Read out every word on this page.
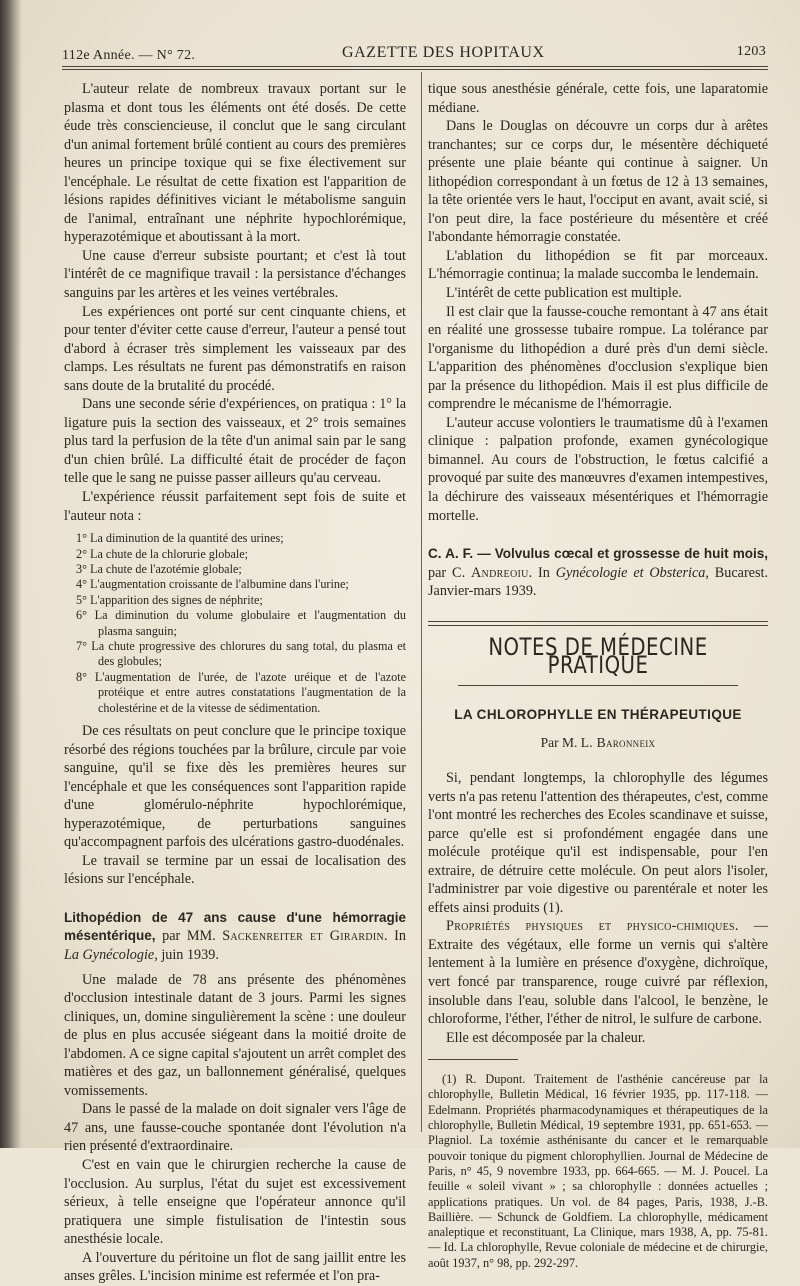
112e Année. — N° 72.	GAZETTE DES HOPITAUX	1203

L'auteur relate de nombreux travaux portant sur le plasma et dont tous les éléments ont été dosés. De cette éude très consciencieuse, il conclut que le sang circulant d'un animal fortement brûlé contient au cours des premières heures un principe toxique qui se fixe électivement sur l'encéphale. Le résultat de cette fixation est l'apparition de lésions rapides définitives viciant le métabolisme sanguin de l'animal, entraînant une néphrite hypochlorémique, hyperazotémique et aboutissant à la mort.

Une cause d'erreur subsiste pourtant; et c'est là tout l'intérêt de ce magnifique travail : la persistance d'échanges sanguins par les artères et les veines vertébrales.

Les expériences ont porté sur cent cinquante chiens, et pour tenter d'éviter cette cause d'erreur, l'auteur a pensé tout d'abord à écraser très simplement les vaisseaux par des clamps. Les résultats ne furent pas démonstratifs en raison sans doute de la brutalité du procédé.

Dans une seconde série d'expériences, on pratiqua : 1° la ligature puis la section des vaisseaux, et 2° trois semaines plus tard la perfusion de la tête d'un animal sain par le sang d'un chien brûlé. La difficulté était de procéder de façon telle que le sang ne puisse passer ailleurs qu'au cerveau.

L'expérience réussit parfaitement sept fois de suite et l'auteur nota :

1° La diminution de la quantité des urines;
2° La chute de la chlorurie globale;
3° La chute de l'azotémie globale;
4° L'augmentation croissante de l'albumine dans l'urine;
5° L'apparition des signes de néphrite;
6° La diminution du volume globulaire et l'augmentation du plasma sanguin;
7° La chute progressive des chlorures du sang total, du plasma et des globules;
8° L'augmentation de l'urée, de l'azote uréique et de l'azote protéique et entre autres constatations l'augmentation de la cholestérine et de la vitesse de sédimentation.

De ces résultats on peut conclure que le principe toxique résorbé des régions touchées par la brûlure, circule par voie sanguine, qu'il se fixe dès les premières heures sur l'encéphale et que les conséquences sont l'apparition rapide d'une glomérulo-néphrite hypochlorémique, hyperazotémique, de perturbations sanguines qu'accompagnent parfois des ulcérations gastro-duodénales.

Le travail se termine par un essai de localisation des lésions sur l'encéphale.

Lithopédion de 47 ans cause d'une hémorragie mésentérique, par MM. Sackenreiter et Girardin. In La Gynécologie, juin 1939.

Une malade de 78 ans présente des phénomènes d'occlusion intestinale datant de 3 jours. Parmi les signes cliniques, un, domine singulièrement la scène : une douleur de plus en plus accusée siégeant dans la moitié droite de l'abdomen. A ce signe capital s'ajoutent un arrêt complet des matières et des gaz, un ballonnement généralisé, quelques vomissements.

Dans le passé de la malade on doit signaler vers l'âge de 47 ans, une fausse-couche spontanée dont l'évolution n'a rien présenté d'extraordinaire.

C'est en vain que le chirurgien recherche la cause de l'occlusion. Au surplus, l'état du sujet est excessivement sérieux, à telle enseigne que l'opérateur annonce qu'il pratiquera une simple fistulisation de l'intestin sous anesthésie locale.

A l'ouverture du péritoine un flot de sang jaillit entre les anses grêles. L'incision minime est refermée et l'on pra-

tique sous anesthésie générale, cette fois, une laparatomie médiane.

Dans le Douglas on découvre un corps dur à arêtes tranchantes; sur ce corps dur, le mésentère déchiqueté présente une plaie béante qui continue à saigner. Un lithopédion correspondant à un fœtus de 12 à 13 semaines, la tête orientée vers le haut, l'occiput en avant, avait scié, si l'on peut dire, la face postérieure du mésentère et créé l'abondante hémorragie constatée.

L'ablation du lithopédion se fit par morceaux. L'hémorragie continua; la malade succomba le lendemain.

L'intérêt de cette publication est multiple.

Il est clair que la fausse-couche remontant à 47 ans était en réalité une grossesse tubaire rompue. La tolérance par l'organisme du lithopédion a duré près d'un demi siècle. L'apparition des phénomènes d'occlusion s'explique bien par la présence du lithopédion. Mais il est plus difficile de comprendre le mécanisme de l'hémorragie.

L'auteur accuse volontiers le traumatisme dû à l'examen clinique : palpation profonde, examen gynécologique bimannel. Au cours de l'obstruction, le fœtus calcifié a provoqué par suite des manœuvres d'examen intempestives, la déchirure des vaisseaux mésentériques et l'hémorragie mortelle.

C. A. F. — Volvulus cœcal et grossesse de huit mois, par C. Andreoiu. In Gynécologie et Obsterica, Bucarest. Janvier-mars 1939.

NOTES DE MÉDECINE PRATIQUE
LA CHLOROPHYLLE EN THÉRAPEUTIQUE
Par M. L. Baronneix

Si, pendant longtemps, la chlorophylle des légumes verts n'a pas retenu l'attention des thérapeutes, c'est, comme l'ont montré les recherches des Ecoles scandinave et suisse, parce qu'elle est si profondément engagée dans une molécule protéique qu'il est indispensable, pour l'en extraire, de détruire cette molécule. On peut alors l'isoler, l'administrer par voie digestive ou parentérale et noter les effets ainsi produits (1).

Propriétés physiques et physico-chimiques. — Extraite des végétaux, elle forme un vernis qui s'altère lentement à la lumière en présence d'oxygène, dichroïque, vert foncé par transparence, rouge cuivré par réflexion, insoluble dans l'eau, soluble dans l'alcool, le benzène, le chloroforme, l'éther, l'éther de nitrol, le sulfure de carbone.

Elle est décomposée par la chaleur.

(1) R. Dupont. Traitement de l'asthénie cancéreuse par la chlorophylle, Bulletin Médical, 16 février 1935, pp. 117-118. — Edelmann. Propriétés pharmacodynamiques et thérapeutiques de la chlorophylle, Bulletin Médical, 19 septembre 1931, pp. 651-653. — Plagniol. La toxémie asthénisante du cancer et le remarquable pouvoir tonique du pigment chlorophyllien. Journal de Médecine de Paris, n° 45, 9 novembre 1933, pp. 664-665. — M. J. Poucel. La feuille « soleil vivant » ; sa chlorophylle : données actuelles ; applications pratiques. Un vol. de 84 pages, Paris, 1938, J.-B. Baillière. — Schunck de Goldfiem. La chlorophylle, médicament analeptique et reconstituant, La Clinique, mars 1938, A, pp. 75-81. — Id. La chlorophylle, Revue coloniale de médecine et de chirurgie, août 1937, n° 98, pp. 292-297.
